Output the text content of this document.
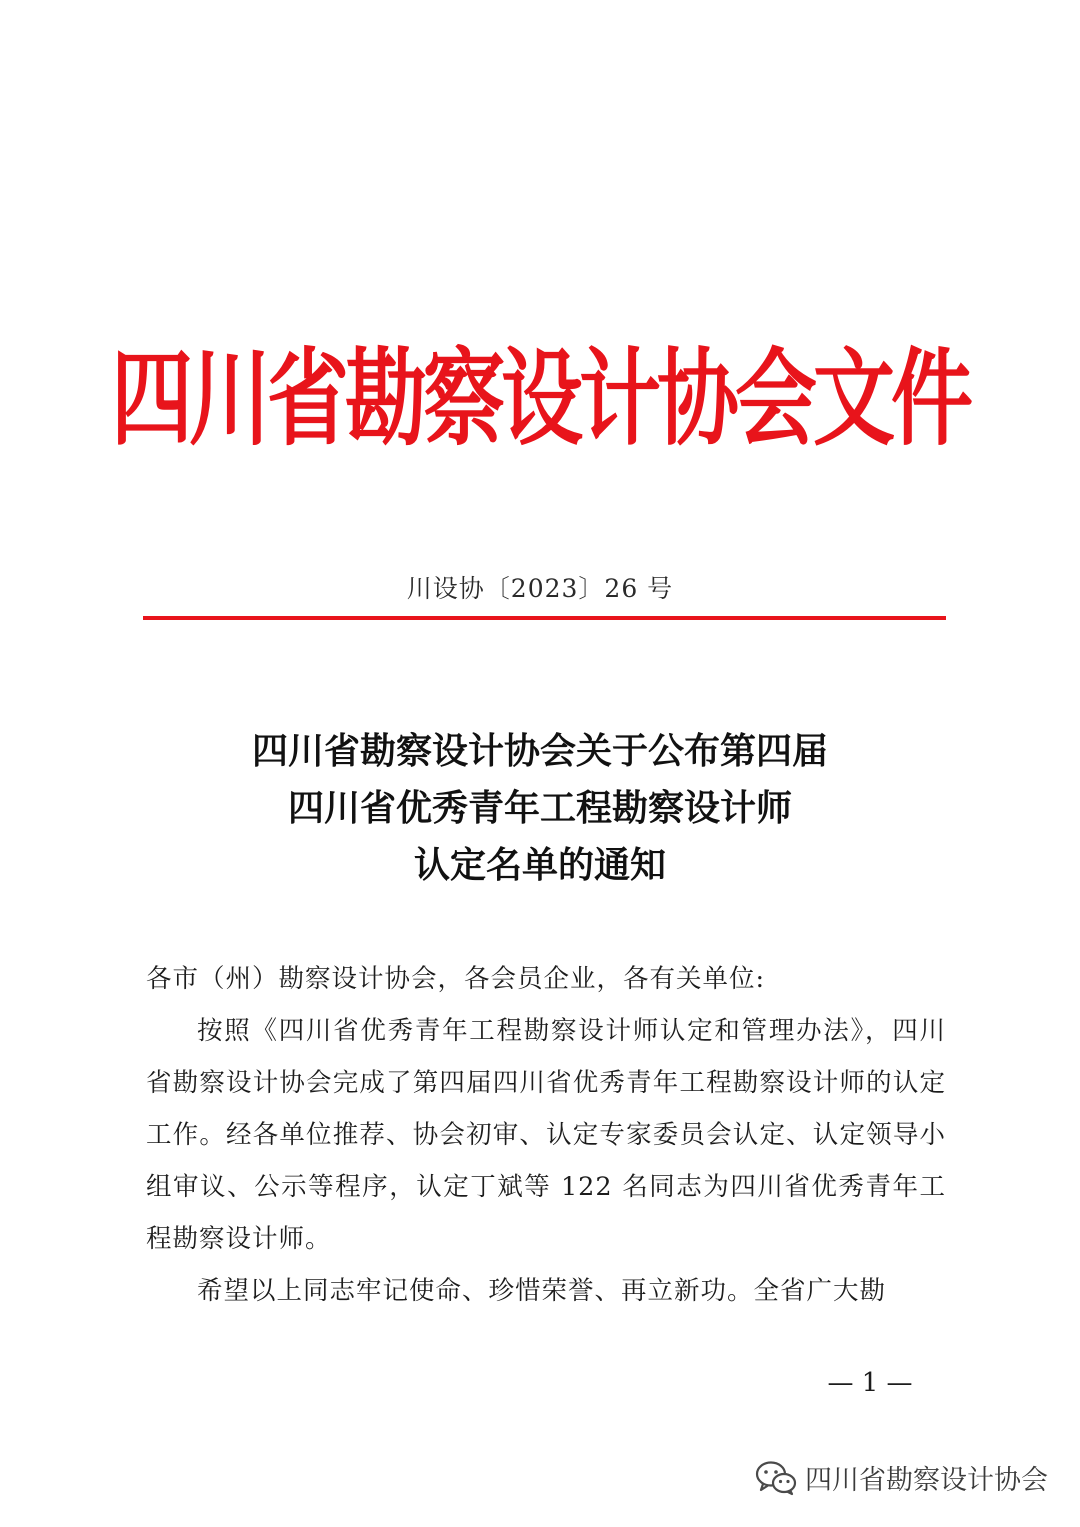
四川省勘察设计协会文件
川设协〔2023〕26 号
四川省勘察设计协会关于公布第四届
四川省优秀青年工程勘察设计师
认定名单的通知

各市（州）勘察设计协会，各会员企业，各有关单位:

按照《四川省优秀青年工程勘察设计师认定和管理办法》，四川省勘察设计协会完成了第四届四川省优秀青年工程勘察设计师的认定工作。经各单位推荐、协会初审、认定专家委员会认定、认定领导小组审议、公示等程序，认定丁斌等 122 名同志为四川省优秀青年工程勘察设计师。

希望以上同志牢记使命、珍惜荣誉、再立新功。全省广大勘

— 1 —
四川省勘察设计协会
